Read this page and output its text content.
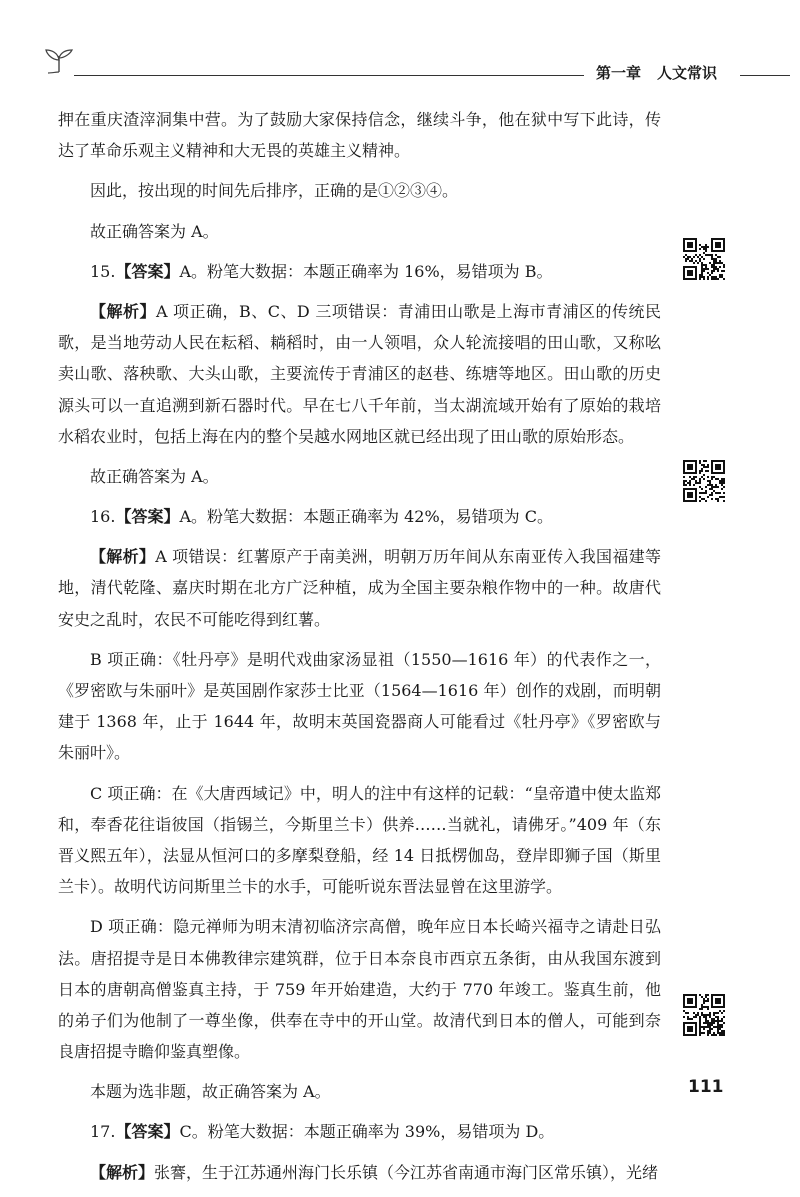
第一章 人文常识

押在重庆渣滓洞集中营。为了鼓励大家保持信念，继续斗争，他在狱中写下此诗，传达了革命乐观主义精神和大无畏的英雄主义精神。

因此，按出现的时间先后排序，正确的是①②③④。

故正确答案为 A。

15.【答案】A。粉笔大数据：本题正确率为 16%，易错项为 B。

【解析】A 项正确，B、C、D 三项错误：青浦田山歌是上海市青浦区的传统民歌，是当地劳动人民在耘稻、耥稻时，由一人领唱，众人轮流接唱的田山歌，又称吆卖山歌、落秧歌、大头山歌，主要流传于青浦区的赵巷、练塘等地区。田山歌的历史源头可以一直追溯到新石器时代。早在七八千年前，当太湖流域开始有了原始的栽培水稻农业时，包括上海在内的整个吴越水网地区就已经出现了田山歌的原始形态。

故正确答案为 A。

16.【答案】A。粉笔大数据：本题正确率为 42%，易错项为 C。

【解析】A 项错误：红薯原产于南美洲，明朝万历年间从东南亚传入我国福建等地，清代乾隆、嘉庆时期在北方广泛种植，成为全国主要杂粮作物中的一种。故唐代安史之乱时，农民不可能吃得到红薯。

B 项正确：《牡丹亭》是明代戏曲家汤显祖（1550—1616 年）的代表作之一，《罗密欧与朱丽叶》是英国剧作家莎士比亚（1564—1616 年）创作的戏剧，而明朝建于 1368 年，止于 1644 年，故明末英国瓷器商人可能看过《牡丹亭》《罗密欧与朱丽叶》。

C 项正确：在《大唐西域记》中，明人的注中有这样的记载：“皇帝遣中使太监郑和，奉香花往诣彼国（指锡兰，今斯里兰卡）供养……当就礼，请佛牙。”409 年（东晋义熙五年），法显从恒河口的多摩梨登船，经 14 日抵楞伽岛，登岸即狮子国（斯里兰卡）。故明代访问斯里兰卡的水手，可能听说东晋法显曾在这里游学。

D 项正确：隐元禅师为明末清初临济宗高僧，晚年应日本长崎兴福寺之请赴日弘法。唐招提寺是日本佛教律宗建筑群，位于日本奈良市西京五条街，由从我国东渡到日本的唐朝高僧鉴真主持，于 759 年开始建造，大约于 770 年竣工。鉴真生前，他的弟子们为他制了一尊坐像，供奉在寺中的开山堂。故清代到日本的僧人，可能到奈良唐招提寺瞻仰鉴真塑像。

本题为选非题，故正确答案为 A。

17.【答案】C。粉笔大数据：本题正确率为 39%，易错项为 D。

【解析】张謇，生于江苏通州海门长乐镇（今江苏省南通市海门区常乐镇），光绪

111
